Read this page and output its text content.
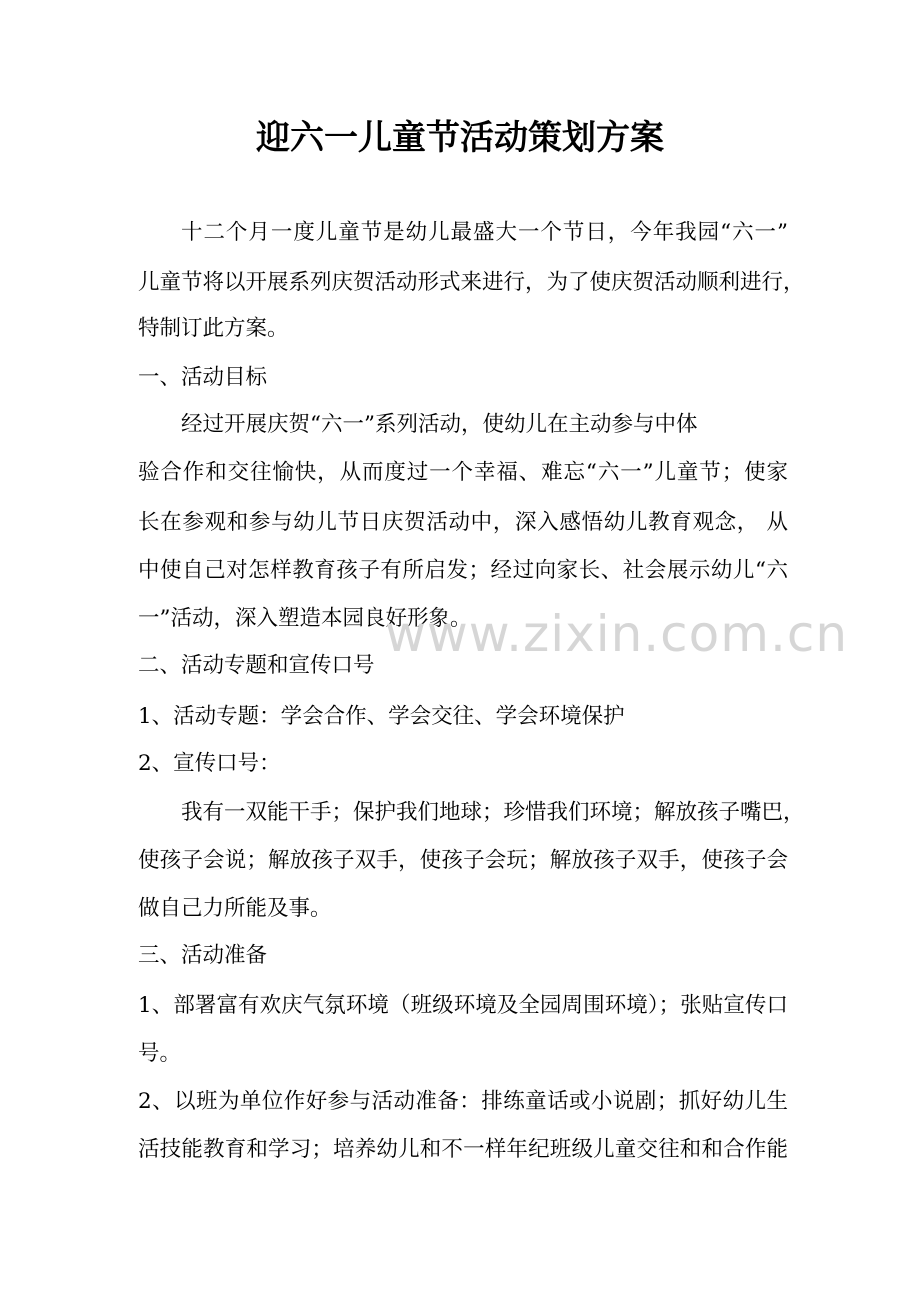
迎六一儿童节活动策划方案
十二个月一度儿童节是幼儿最盛大一个节日，今年我园“六一”
儿童节将以开展系列庆贺活动形式来进行，为了使庆贺活动顺利进行，
特制订此方案。
一、活动目标
经过开展庆贺“六一”系列活动，使幼儿在主动参与中体
验合作和交往愉快，从而度过一个幸福、难忘“六一”儿童节；使家
长在参观和参与幼儿节日庆贺活动中，深入感悟幼儿教育观念， 从
中使自己对怎样教育孩子有所启发；经过向家长、社会展示幼儿“六
一”活动，深入塑造本园良好形象。
www.zixin.com.cn
二、活动专题和宣传口号
1、活动专题：学会合作、学会交往、学会环境保护
2、宣传口号：
我有一双能干手；保护我们地球；珍惜我们环境；解放孩子嘴巴，
使孩子会说；解放孩子双手，使孩子会玩；解放孩子双手，使孩子会
做自己力所能及事。
三、活动准备
1、部署富有欢庆气氛环境（班级环境及全园周围环境）；张贴宣传口
号。
2、以班为单位作好参与活动准备：排练童话或小说剧；抓好幼儿生
活技能教育和学习；培养幼儿和不一样年纪班级儿童交往和和合作能
